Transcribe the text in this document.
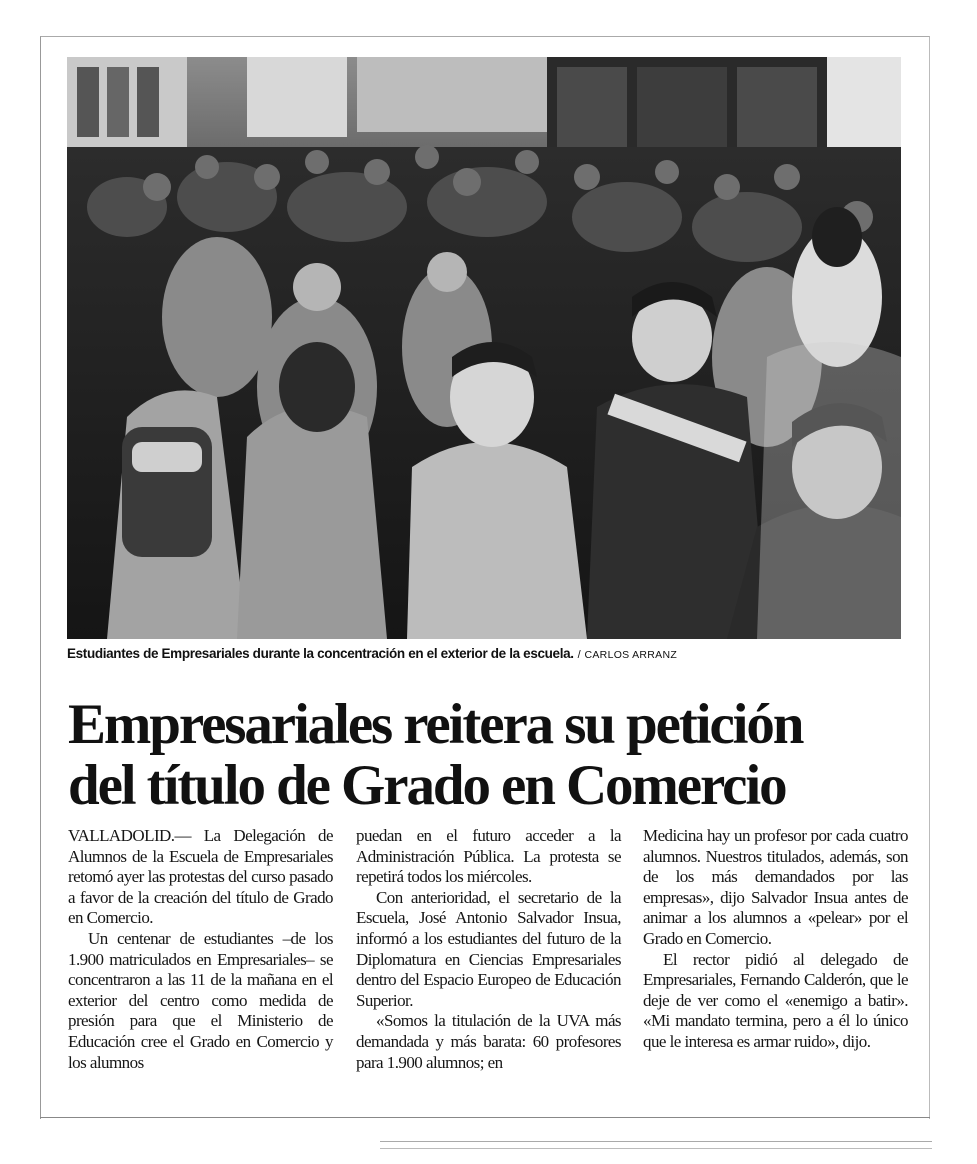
Estudiantes de Empresariales durante la concentración en el exterior de la escuela. / CARLOS ARRANZ
Empresariales reitera su petición
del título de Grado en Comercio

VALLADOLID.— La Delegación de Alumnos de la Escuela de Empresariales retomó ayer las protestas del curso pasado a favor de la creación del título de Grado en Comercio.

Un centenar de estudiantes –de los 1.900 matriculados en Empresariales– se concentraron a las 11 de la mañana en el exterior del centro como medida de presión para que el Ministerio de Educación cree el Grado en Comercio y los alumnos

puedan en el futuro acceder a la Administración Pública. La protesta se repetirá todos los miércoles.

Con anterioridad, el secretario de la Escuela, José Antonio Salvador Insua, informó a los estudiantes del futuro de la Diplomatura en Ciencias Empresariales dentro del Espacio Europeo de Educación Superior.

«Somos la titulación de la UVA más demandada y más barata: 60 profesores para 1.900 alumnos; en

Medicina hay un profesor por cada cuatro alumnos. Nuestros titulados, además, son de los más demandados por las empresas», dijo Salvador Insua antes de animar a los alumnos a «pelear» por el Grado en Comercio.

El rector pidió al delegado de Empresariales, Fernando Calderón, que le deje de ver como el «enemigo a batir». «Mi mandato termina, pero a él lo único que le interesa es armar ruido», dijo.
